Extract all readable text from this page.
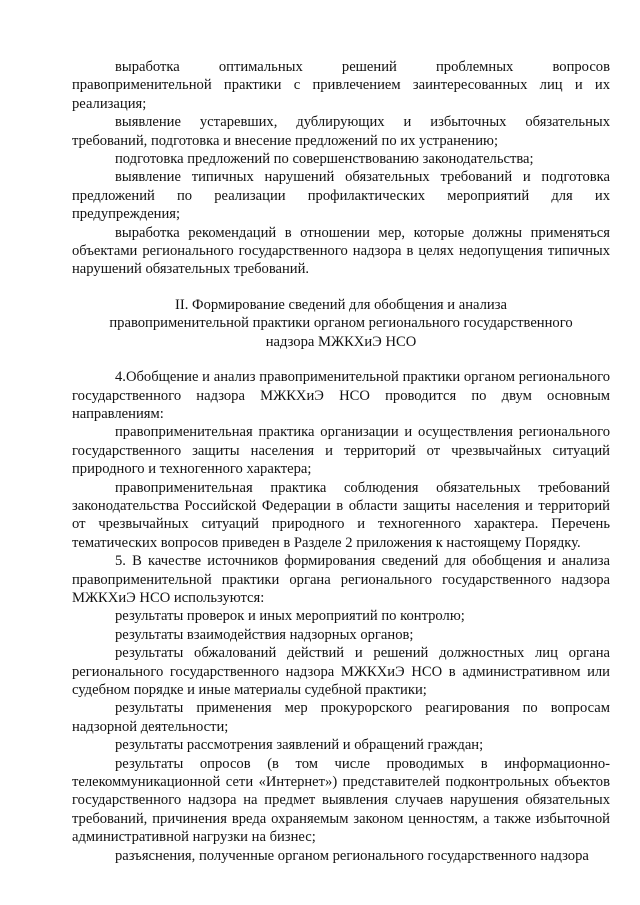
выработка оптимальных решений проблемных вопросов правоприменительной практики с привлечением заинтересованных лиц и их реализация;

выявление устаревших, дублирующих и избыточных обязательных требований, подготовка и внесение предложений по их устранению;

подготовка предложений по совершенствованию законодательства;

выявление типичных нарушений обязательных требований и подготовка предложений по реализации профилактических мероприятий для их предупреждения;

выработка рекомендаций в отношении мер, которые должны применяться объектами регионального государственного надзора в целях недопущения типичных нарушений обязательных требований.

II. Формирование сведений для обобщения и анализа
правоприменительной практики органом регионального государственного
надзора МЖКХиЭ НСО

4.Обобщение и анализ правоприменительной практики органом регионального государственного надзора МЖКХиЭ НСО проводится по двум основным направлениям:

правоприменительная практика организации и осуществления регионального государственного защиты населения и территорий от чрезвычайных ситуаций природного и техногенного характера;

правоприменительная практика соблюдения обязательных требований законодательства Российской Федерации в области защиты населения и территорий от чрезвычайных ситуаций природного и техногенного характера. Перечень тематических вопросов приведен в Разделе 2 приложения к настоящему Порядку.

5. В качестве источников формирования сведений для обобщения и анализа правоприменительной практики органа регионального государственного надзора МЖКХиЭ НСО используются:

результаты проверок и иных мероприятий по контролю;

результаты взаимодействия надзорных органов;

результаты обжалований действий и решений должностных лиц органа регионального государственного надзора МЖКХиЭ НСО в административном или судебном порядке и иные материалы судебной практики;

результаты применения мер прокурорского реагирования по вопросам надзорной деятельности;

результаты рассмотрения заявлений и обращений граждан;

результаты опросов (в том числе проводимых в информационно-телекоммуникационной сети «Интернет») представителей подконтрольных объектов государственного надзора на предмет выявления случаев нарушения обязательных требований, причинения вреда охраняемым законом ценностям, а также избыточной административной нагрузки на бизнес;

разъяснения, полученные органом регионального государственного надзора
